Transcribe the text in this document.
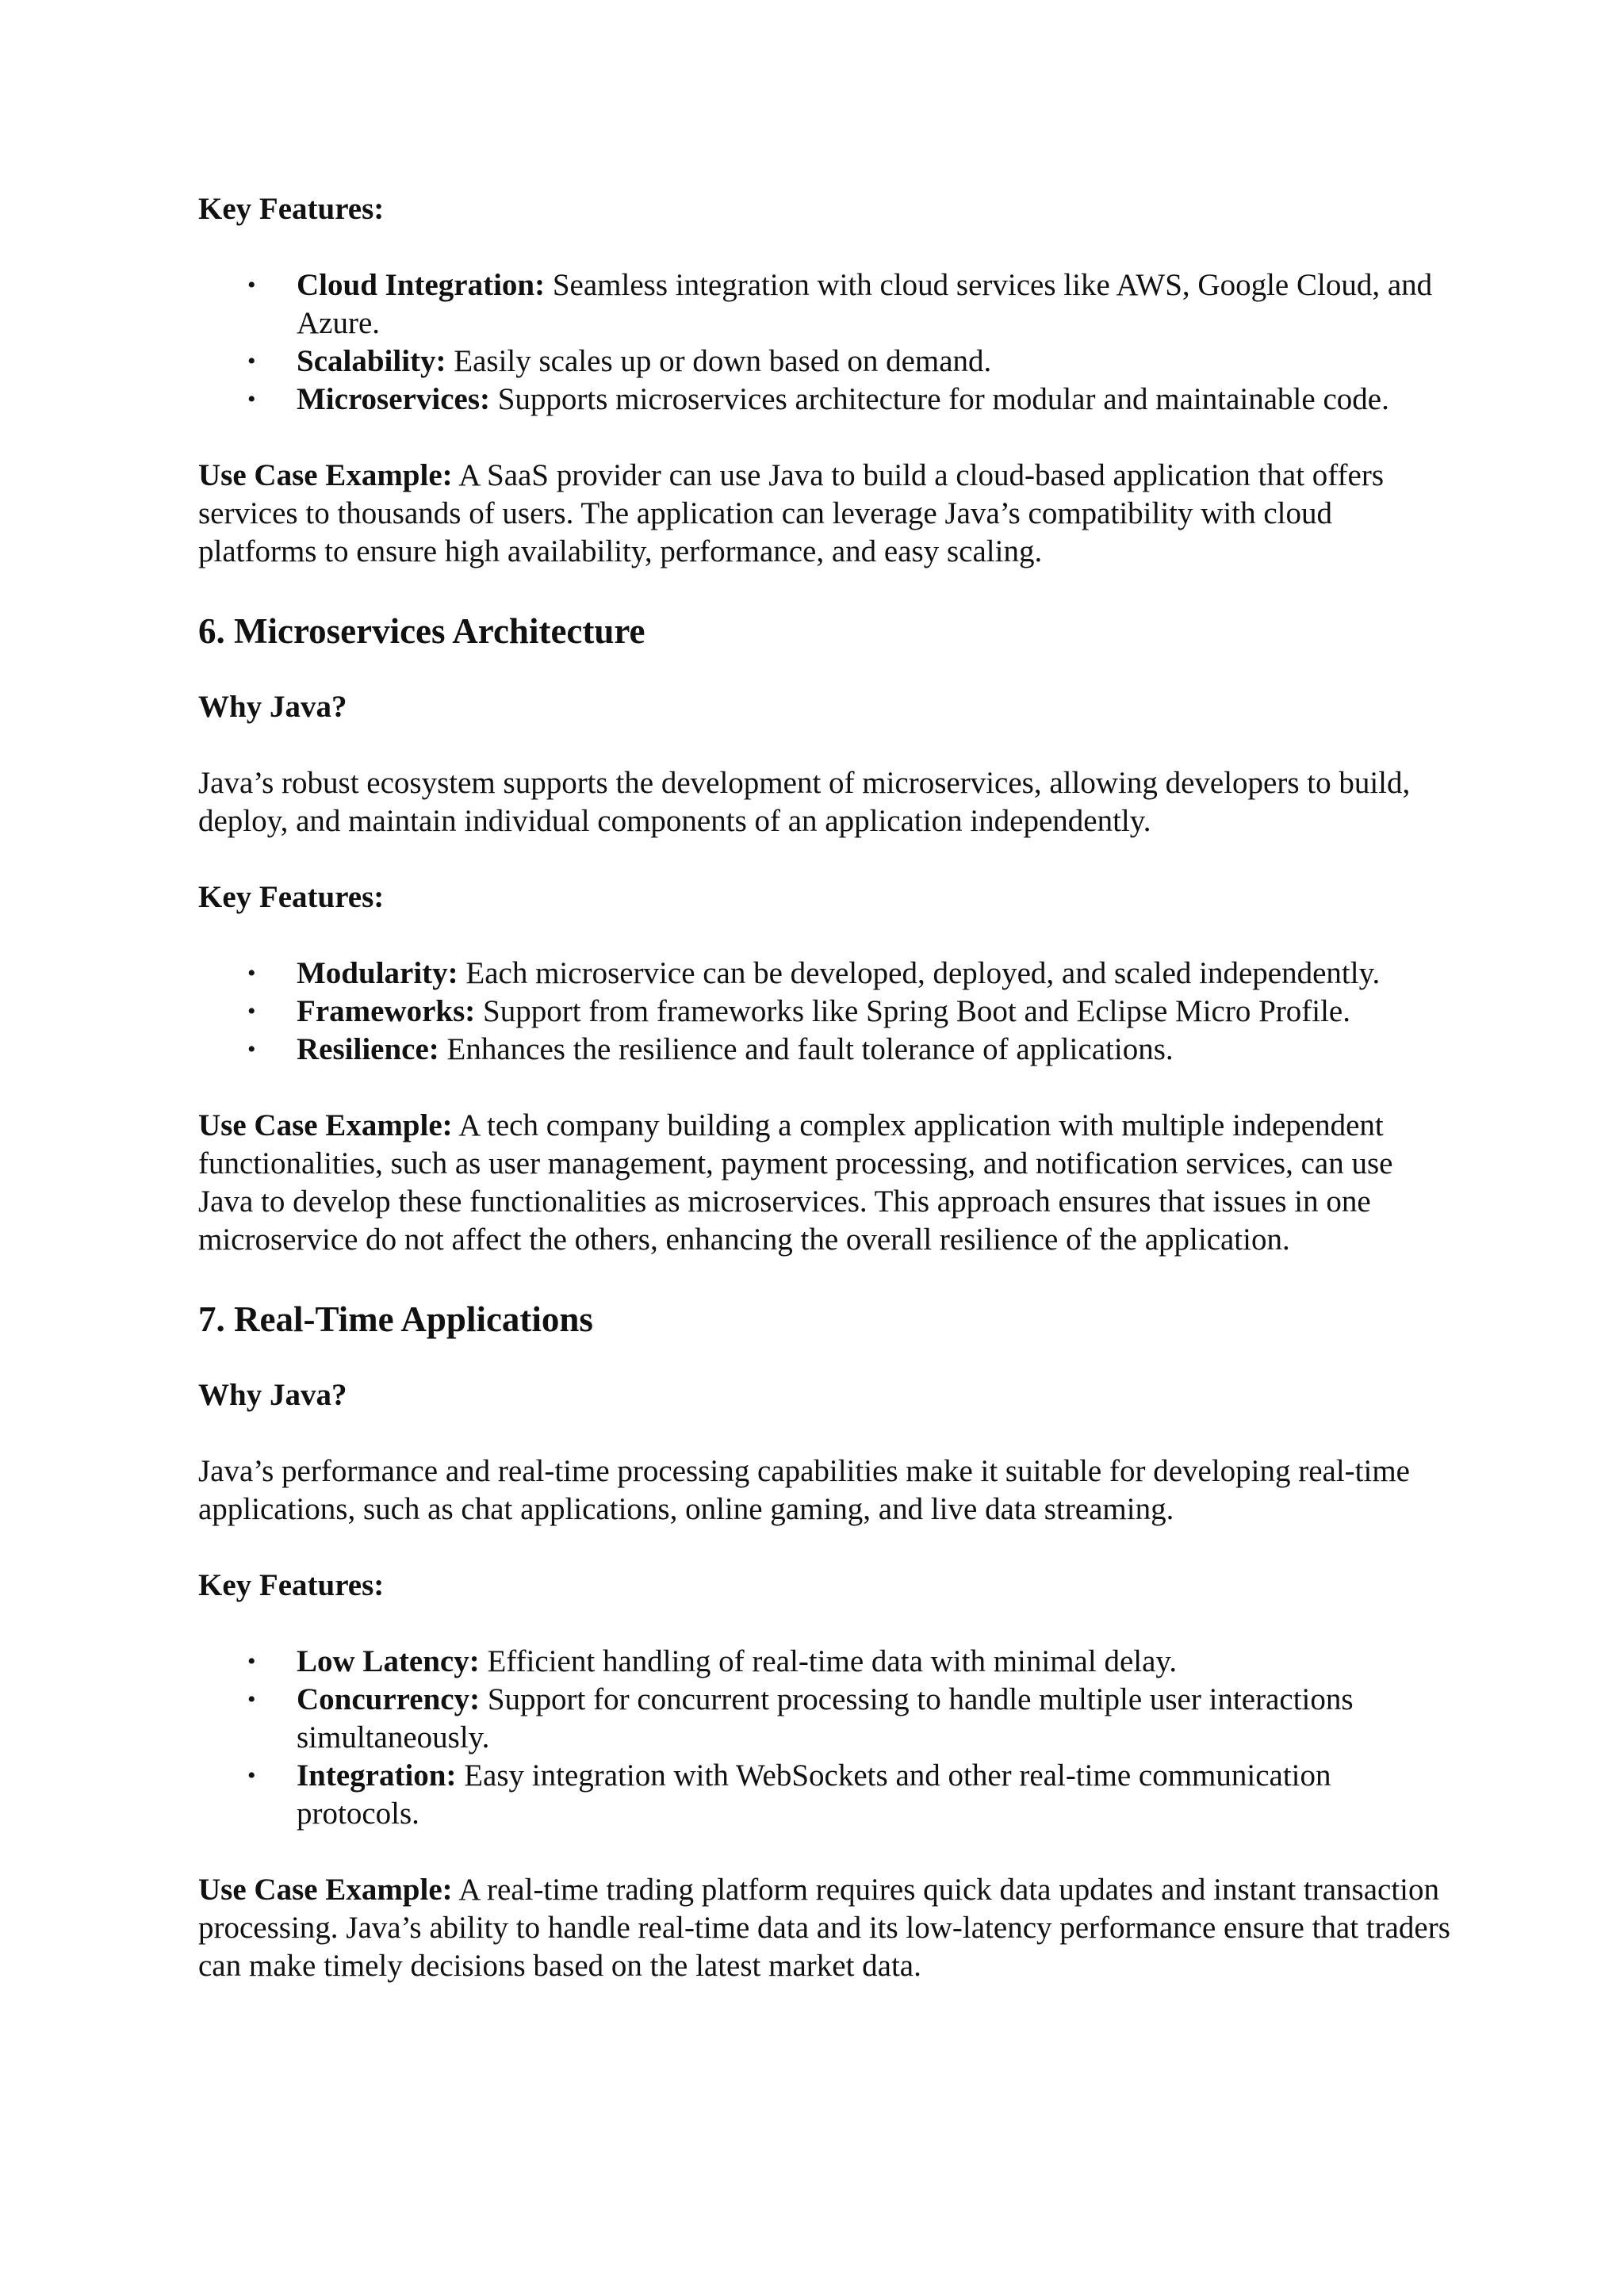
Key Features:

• Cloud Integration: Seamless integration with cloud services like AWS, Google Cloud, and Azure.
• Scalability: Easily scales up or down based on demand.
• Microservices: Supports microservices architecture for modular and maintainable code.

Use Case Example: A SaaS provider can use Java to build a cloud-based application that offers services to thousands of users. The application can leverage Java’s compatibility with cloud platforms to ensure high availability, performance, and easy scaling.

6. Microservices Architecture

Why Java?

Java’s robust ecosystem supports the development of microservices, allowing developers to build, deploy, and maintain individual components of an application independently.

Key Features:

• Modularity: Each microservice can be developed, deployed, and scaled independently.
• Frameworks: Support from frameworks like Spring Boot and Eclipse Micro Profile.
• Resilience: Enhances the resilience and fault tolerance of applications.

Use Case Example: A tech company building a complex application with multiple independent functionalities, such as user management, payment processing, and notification services, can use Java to develop these functionalities as microservices. This approach ensures that issues in one microservice do not affect the others, enhancing the overall resilience of the application.

7. Real-Time Applications

Why Java?

Java’s performance and real-time processing capabilities make it suitable for developing real-time applications, such as chat applications, online gaming, and live data streaming.

Key Features:

• Low Latency: Efficient handling of real-time data with minimal delay.
• Concurrency: Support for concurrent processing to handle multiple user interactions simultaneously.
• Integration: Easy integration with WebSockets and other real-time communication protocols.

Use Case Example: A real-time trading platform requires quick data updates and instant transaction processing. Java’s ability to handle real-time data and its low-latency performance ensure that traders can make timely decisions based on the latest market data.
